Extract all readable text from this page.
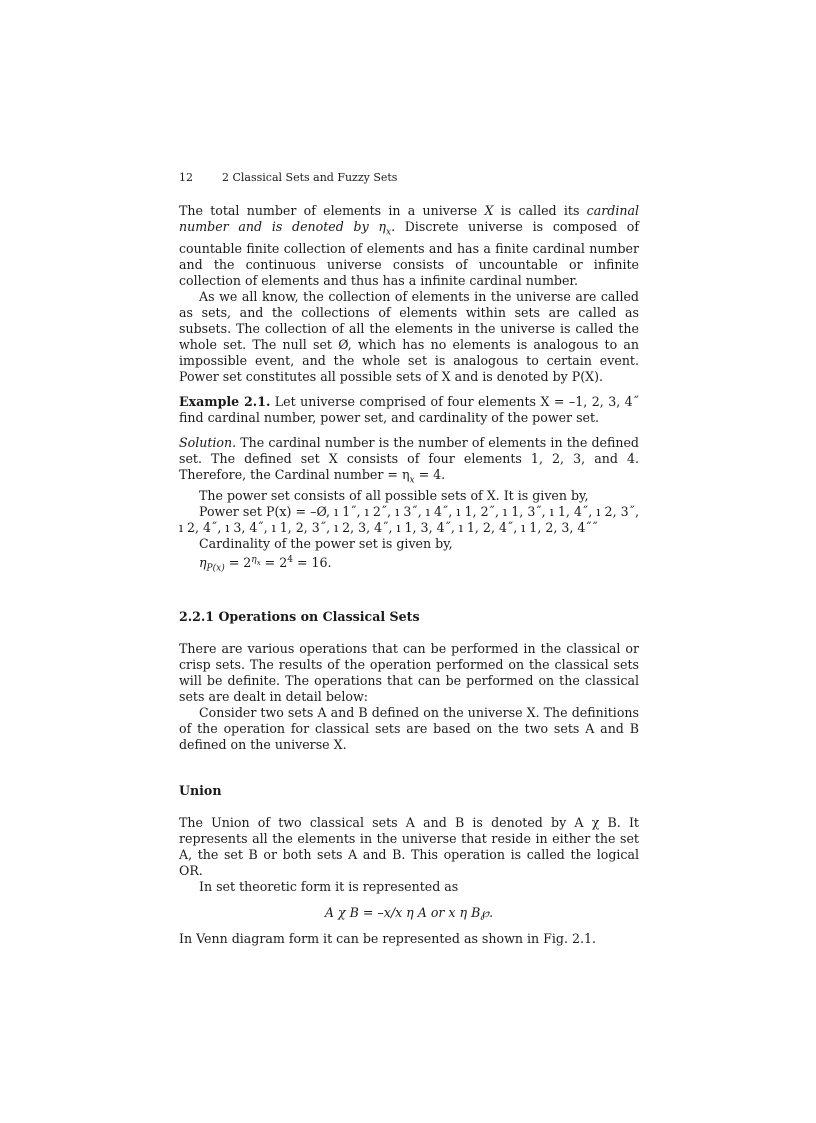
12	2 Classical Sets and Fuzzy Sets

The total number of elements in a universe X is called its cardinal number and is denoted by $\eta_x$. Discrete universe is composed of countable finite collection of elements and has a finite cardinal number and the continuous universe consists of uncountable or infinite collection of elements and thus has a infinite cardinal number.

As we all know, the collection of elements in the universe are called as sets, and the collections of elements within sets are called as subsets. The collection of all the elements in the universe is called the whole set. The null set Ø, which has no elements is analogous to an impossible event, and the whole set is analogous to certain event. Power set constitutes all possible sets of X and is denoted by P(X).

Example 2.1. Let universe comprised of four elements X = –1, 2, 3, 4˝ find cardinal number, power set, and cardinality of the power set.

Solution. The cardinal number is the number of elements in the defined set. The defined set X consists of four elements 1, 2, 3, and 4. Therefore, the Cardinal number = $\eta_x = 4$.

The power set consists of all possible sets of X. It is given by,

Power set P(x) = –Ø, ı 1˝, ı 2˝, ı 3˝, ı 4˝, ı 1, 2˝, ı 1, 3˝, ı 1, 4˝, ı 2, 3˝, ı 2, 4˝, ı 3, 4˝, ı 1, 2, 3˝, ı 2, 3, 4˝, ı 1, 3, 4˝, ı 1, 2, 4˝, ı 1, 2, 3, 4˝˝

Cardinality of the power set is given by,

$\eta_{P(x)} = 2^{\eta_x} = 2^4 = 16$.

2.2.1 Operations on Classical Sets

There are various operations that can be performed in the classical or crisp sets. The results of the operation performed on the classical sets will be definite. The operations that can be performed on the classical sets are dealt in detail below:

Consider two sets A and B defined on the universe X. The definitions of the operation for classical sets are based on the two sets A and B defined on the universe X.

Union

The Union of two classical sets A and B is denoted by A χ B. It represents all the elements in the universe that reside in either the set A, the set B or both sets A and B. This operation is called the logical OR.

In set theoretic form it is represented as

A χ B = –x/x η A or x η B℘.

In Venn diagram form it can be represented as shown in Fig. 2.1.
